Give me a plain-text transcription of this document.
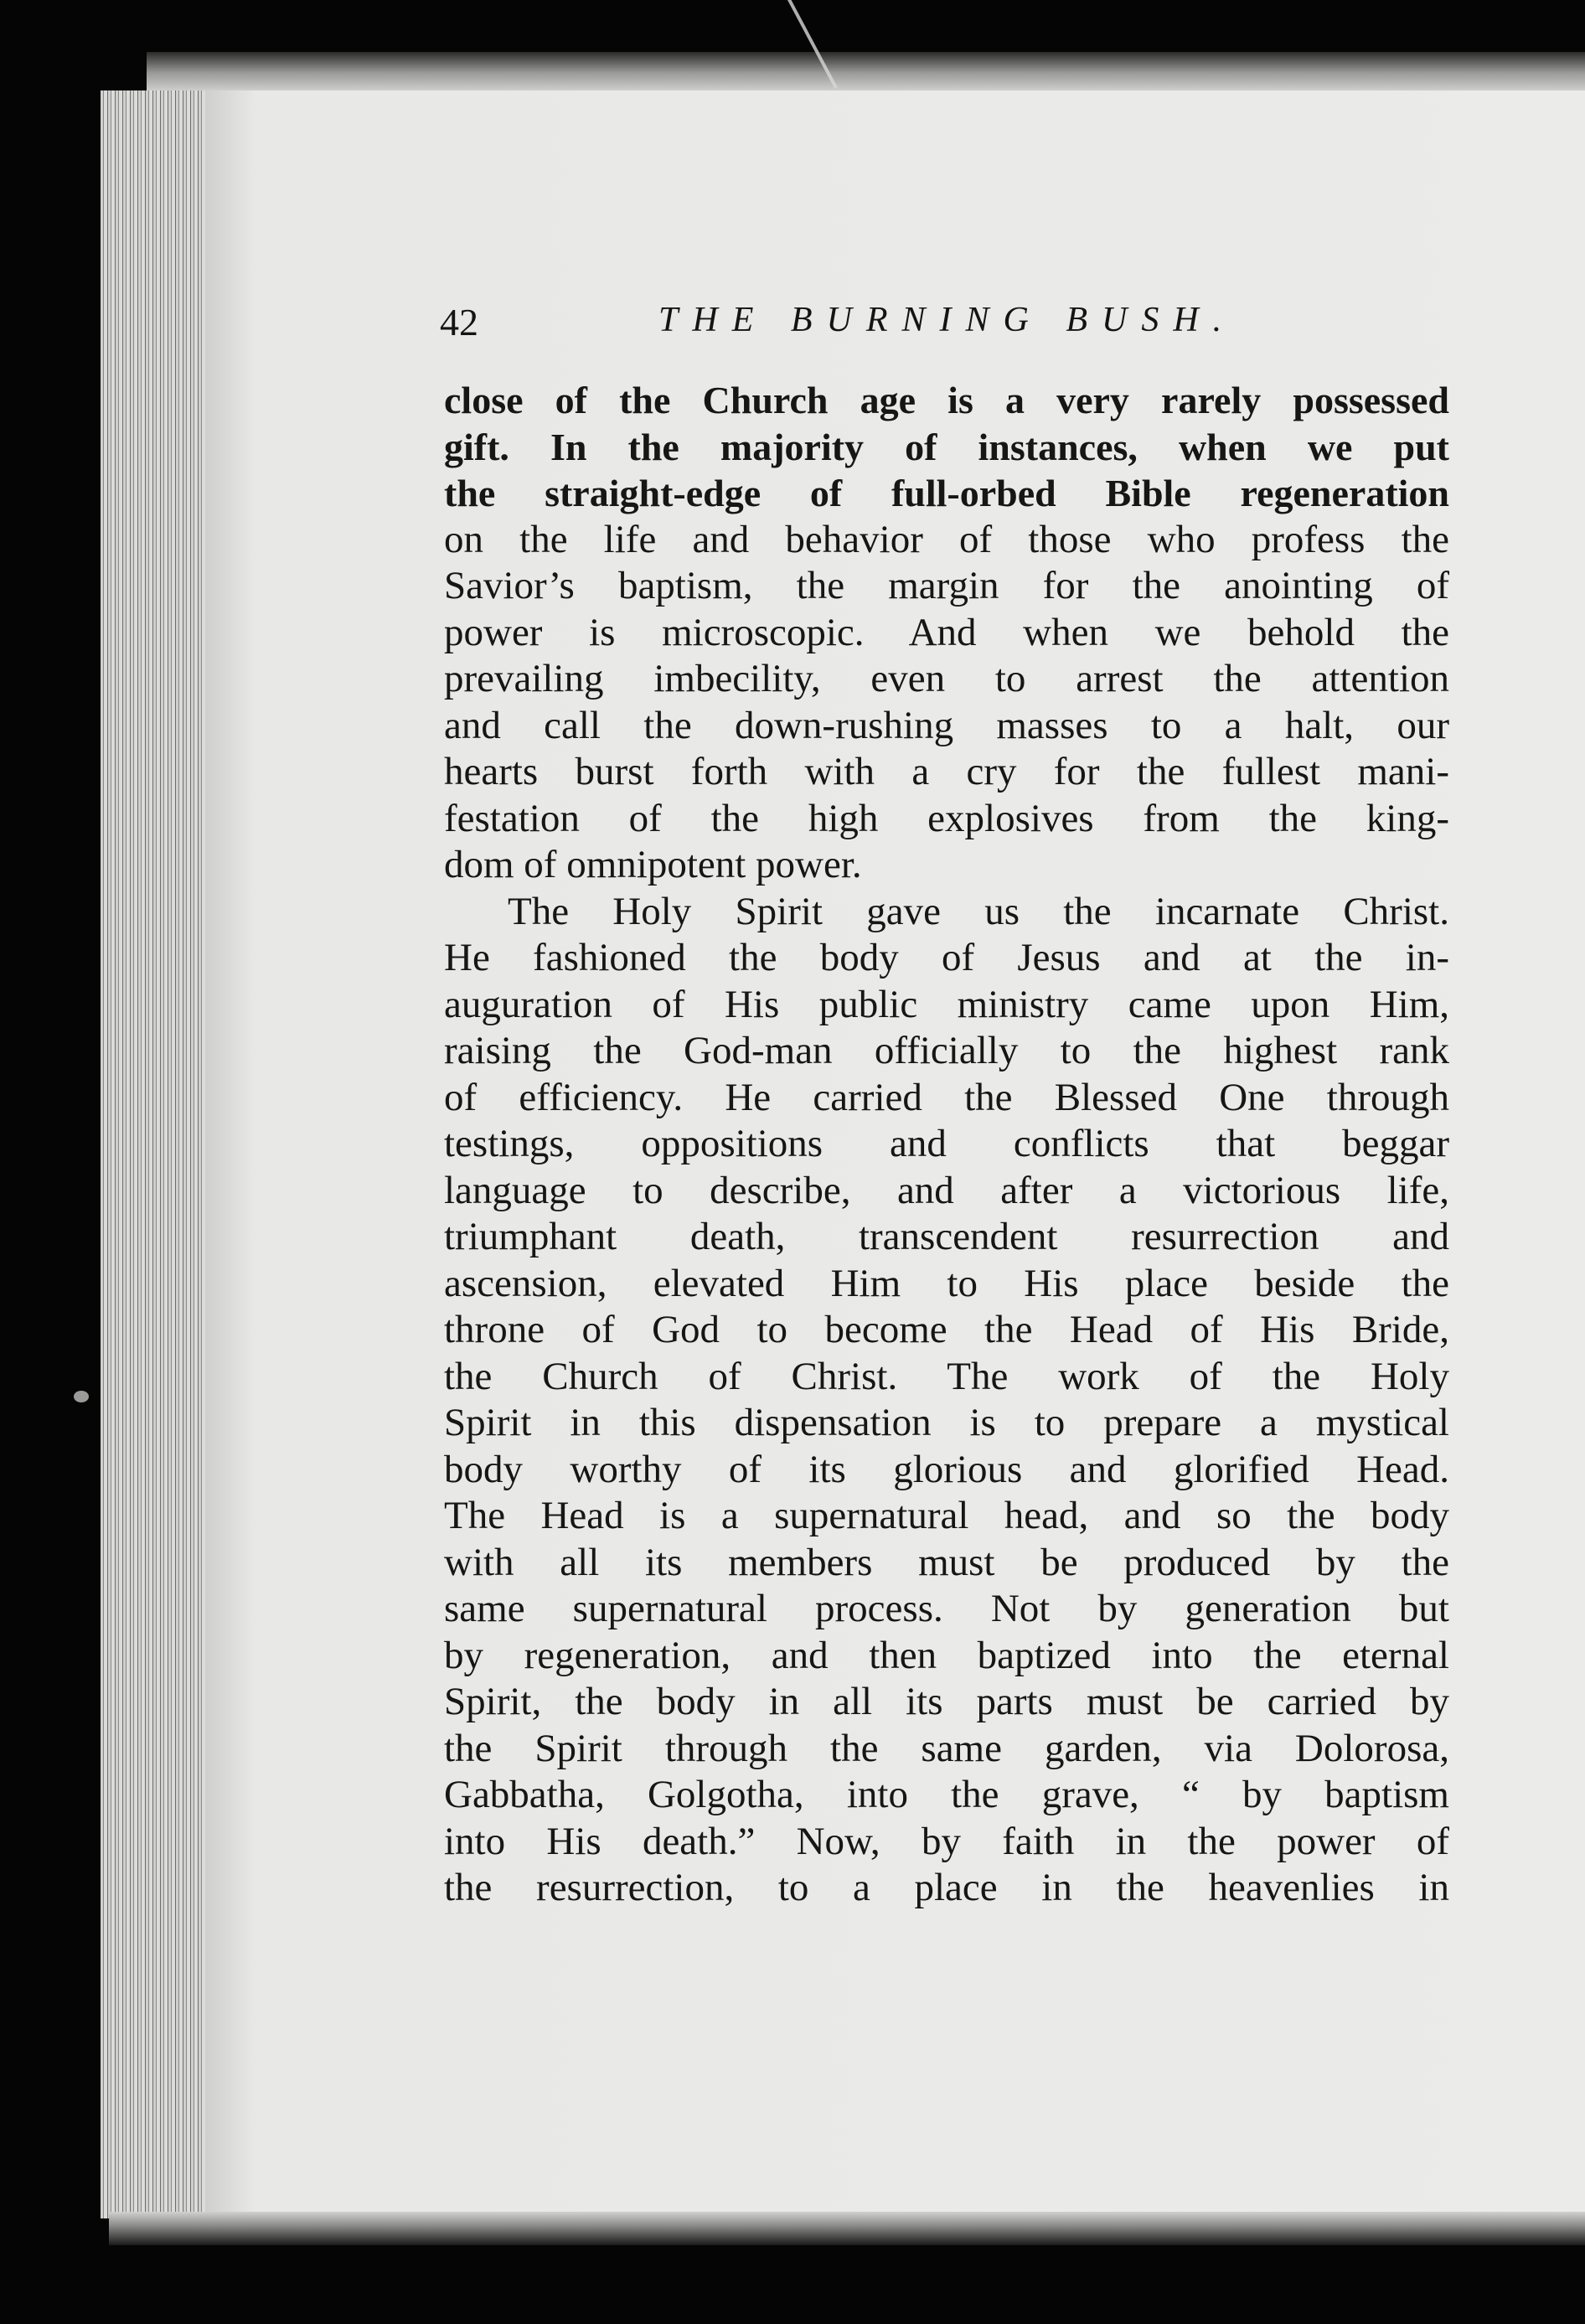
42	THE BURNING BUSH.
close of the Church age is a very rarely possessed
gift. In the majority of instances, when we put
the straight-edge of full-orbed Bible regeneration
on the life and behavior of those who profess the
Savior’s baptism, the margin for the anointing of
power is microscopic. And when we behold the
prevailing imbecility, even to arrest the attention
and call the down-rushing masses to a halt, our
hearts burst forth with a cry for the fullest mani-
festation of the high explosives from the king-
dom of omnipotent power.
The Holy Spirit gave us the incarnate Christ.
He fashioned the body of Jesus and at the in-
auguration of His public ministry came upon Him,
raising the God-man officially to the highest rank
of efficiency. He carried the Blessed One through
testings, oppositions and conflicts that beggar
language to describe, and after a victorious life,
triumphant death, transcendent resurrection and
ascension, elevated Him to His place beside the
throne of God to become the Head of His Bride,
the Church of Christ. The work of the Holy
Spirit in this dispensation is to prepare a mystical
body worthy of its glorious and glorified Head.
The Head is a supernatural head, and so the body
with all its members must be produced by the
same supernatural process. Not by generation but
by regeneration, and then baptized into the eternal
Spirit, the body in all its parts must be carried by
the Spirit through the same garden, via Dolorosa,
Gabbatha, Golgotha, into the grave, “ by baptism
into His death.” Now, by faith in the power of
the resurrection, to a place in the heavenlies in
